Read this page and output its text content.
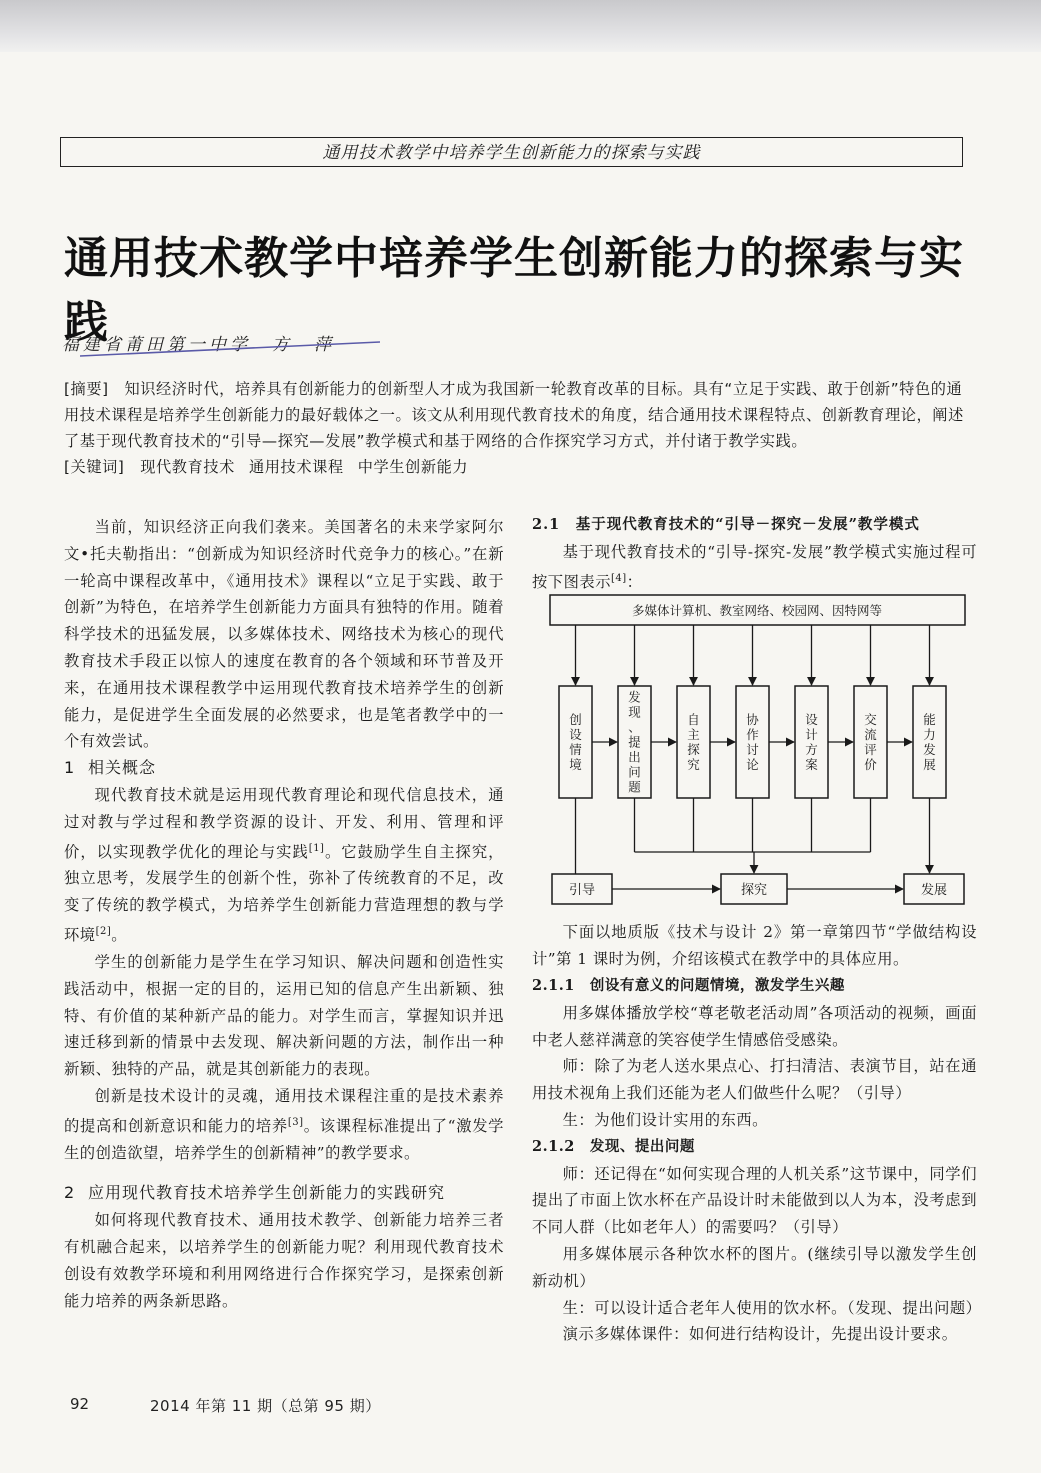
通用技术教学中培养学生创新能力的探索与实践
通用技术教学中培养学生创新能力的探索与实践
福建省莆田第一中学　方　萍

[摘要]　 知识经济时代，培养具有创新能力的创新型人才成为我国新一轮教育改革的目标。具有“立足于实践、敢于创新”特色的通用技术课程是培养学生创新能力的最好载体之一。该文从利用现代教育技术的角度，结合通用技术课程特点、创新教育理论，阐述了基于现代教育技术的“引导—探究—发展”教学模式和基于网络的合作探究学习方式，并付诸于教学实践。

[关键词]　 现代教育技术 通用技术课程 中学生创新能力

当前，知识经济正向我们袭来。美国著名的未来学家阿尔文•托夫勒指出：“创新成为知识经济时代竞争力的核心。”在新一轮高中课程改革中，《通用技术》课程以“立足于实践、敢于创新”为特色，在培养学生创新能力方面具有独特的作用。随着科学技术的迅猛发展，以多媒体技术、网络技术为核心的现代教育技术手段正以惊人的速度在教育的各个领域和环节普及开来，在通用技术课程教学中运用现代教育技术培养学生的创新能力，是促进学生全面发展的必然要求，也是笔者教学中的一个有效尝试。

1 相关概念

现代教育技术就是运用现代教育理论和现代信息技术，通过对教与学过程和教学资源的设计、开发、利用、管理和评价，以实现教学优化的理论与实践[1]。它鼓励学生自主探究，独立思考，发展学生的创新个性，弥补了传统教育的不足，改变了传统的教学模式，为培养学生创新能力营造理想的教与学环境[2]。

学生的创新能力是学生在学习知识、解决问题和创造性实践活动中，根据一定的目的，运用已知的信息产生出新颖、独特、有价值的某种新产品的能力。对学生而言，掌握知识并迅速迁移到新的情景中去发现、解决新问题的方法，制作出一种新颖、独特的产品，就是其创新能力的表现。

创新是技术设计的灵魂，通用技术课程注重的是技术素养的提高和创新意识和能力的培养[3]。该课程标准提出了“激发学生的创造欲望，培养学生的创新精神”的教学要求。

2 应用现代教育技术培养学生创新能力的实践研究

如何将现代教育技术、通用技术教学、创新能力培养三者有机融合起来，以培养学生的创新能力呢？利用现代教育技术创设有效教学环境和利用网络进行合作探究学习，是探索创新能力培养的两条新思路。

2.1　基于现代教育技术的“引导－探究－发展”教学模式

基于现代教育技术的“引导-探究-发展”教学模式实施过程可按下图表示[4]：

下面以地质版《技术与设计 2》第一章第四节“学做结构设计”第 1 课时为例，介绍该模式在教学中的具体应用。

2.1.1　创设有意义的问题情境，激发学生兴趣

用多媒体播放学校“尊老敬老活动周”各项活动的视频，画面中老人慈祥满意的笑容使学生情感倍受感染。

师：除了为老人送水果点心、打扫清洁、表演节目，站在通用技术视角上我们还能为老人们做些什么呢？（引导）

生：为他们设计实用的东西。

2.1.2　发现、提出问题

师：还记得在“如何实现合理的人机关系”这节课中，同学们提出了市面上饮水杯在产品设计时未能做到以人为本，没考虑到不同人群（比如老年人）的需要吗？（引导）

用多媒体展示各种饮水杯的图片。(继续引导以激发学生创新动机）

生：可以设计适合老年人使用的饮水杯。（发现、提出问题）

演示多媒体课件：如何进行结构设计，先提出设计要求。

多媒体计算机、教室网络、校园网、因特网等
创设情境
发现、提出问题
自主探究
协作讨论
设计方案
交流评价
能力发展
引导	探究	发展
92	2014 年第 11 期（总第 95 期）
